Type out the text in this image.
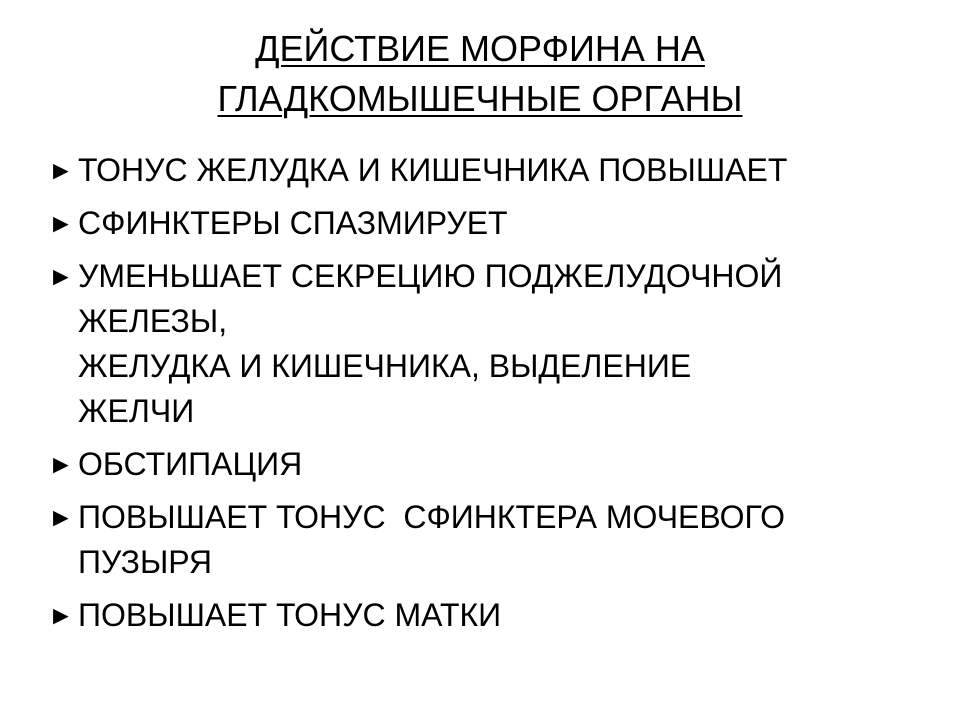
ДЕЙСТВИЕ МОРФИНА НА
ГЛАДКОМЫШЕЧНЫЕ ОРГАНЫ
► ТОНУС ЖЕЛУДКА И КИШЕЧНИКА ПОВЫШАЕТ
► СФИНКТЕРЫ СПАЗМИРУЕТ
► УМЕНЬШАЕТ СЕКРЕЦИЮ ПОДЖЕЛУДОЧНОЙ
ЖЕЛЕЗЫ,
ЖЕЛУДКА И КИШЕЧНИКА, ВЫДЕЛЕНИЕ
ЖЕЛЧИ
► ОБСТИПАЦИЯ
► ПОВЫШАЕТ ТОНУС  СФИНКТЕРА МОЧЕВОГО
ПУЗЫРЯ
► ПОВЫШАЕТ ТОНУС МАТКИ
